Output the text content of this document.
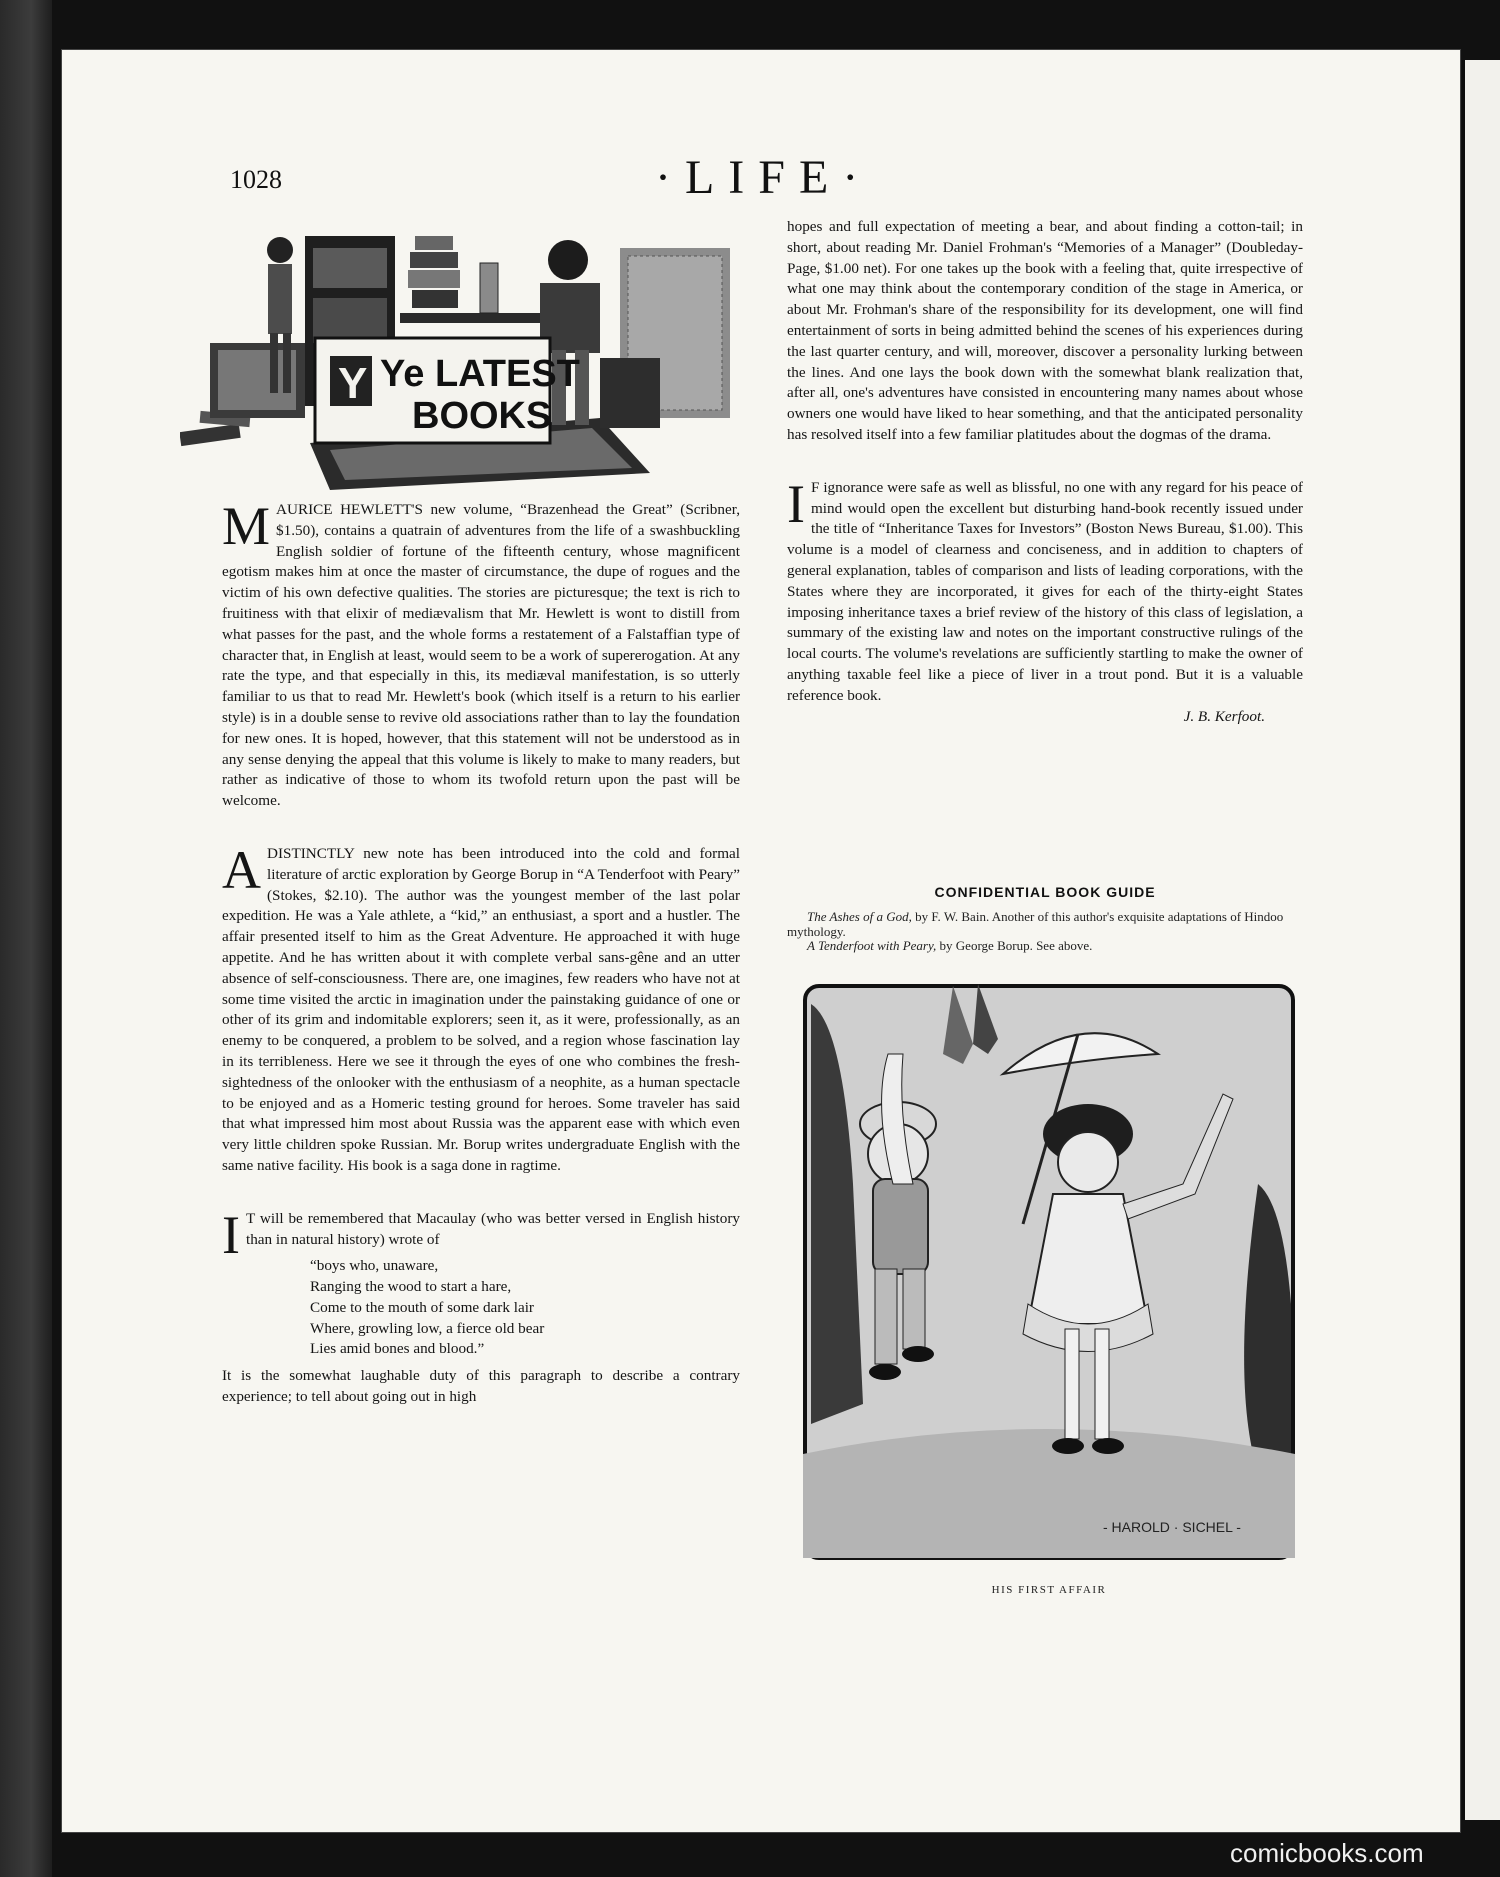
1028	·LIFE·
Y Ye LATEST
BOOKS

MAURICE HEWLETT'S new volume, “Brazenhead the Great” (Scribner, $1.50), contains a quatrain of adventures from the life of a swashbuckling English soldier of fortune of the fifteenth century, whose magnificent egotism makes him at once the master of circumstance, the dupe of rogues and the victim of his own defective qualities. The stories are picturesque; the text is rich to fruitiness with that elixir of mediævalism that Mr. Hewlett is wont to distill from what passes for the past, and the whole forms a restatement of a Falstaffian type of character that, in English at least, would seem to be a work of supererogation. At any rate the type, and that especially in this, its mediæval manifestation, is so utterly familiar to us that to read Mr. Hewlett's book (which itself is a return to his earlier style) is in a double sense to revive old associations rather than to lay the foundation for new ones. It is hoped, however, that this statement will not be understood as in any sense denying the appeal that this volume is likely to make to many readers, but rather as indicative of those to whom its twofold return upon the past will be welcome.

ADISTINCTLY new note has been introduced into the cold and formal literature of arctic exploration by George Borup in “A Tenderfoot with Peary” (Stokes, $2.10). The author was the youngest member of the last polar expedition. He was a Yale athlete, a “kid,” an enthusiast, a sport and a hustler. The affair presented itself to him as the Great Adventure. He approached it with huge appetite. And he has written about it with complete verbal sans-gêne and an utter absence of self-consciousness. There are, one imagines, few readers who have not at some time visited the arctic in imagination under the painstaking guidance of one or other of its grim and indomitable explorers; seen it, as it were, professionally, as an enemy to be conquered, a problem to be solved, and a region whose fascination lay in its terribleness. Here we see it through the eyes of one who combines the fresh-sightedness of the onlooker with the enthusiasm of a neophite, as a human spectacle to be enjoyed and as a Homeric testing ground for heroes. Some traveler has said that what impressed him most about Russia was the apparent ease with which even very little children spoke Russian. Mr. Borup writes undergraduate English with the same native facility. His book is a saga done in ragtime.

I T will be remembered that Macaulay (who was better versed in English history than in natural history) wrote of

“boys who, unaware,
Ranging the wood to start a hare,
Come to the mouth of some dark lair
Where, growling low, a fierce old bear
Lies amid bones and blood.”

It is the somewhat laughable duty of this paragraph to describe a contrary experience; to tell about going out in high

hopes and full expectation of meeting a bear, and about finding a cotton-tail; in short, about reading Mr. Daniel Frohman's “Memories of a Manager” (Doubleday-Page, $1.00 net). For one takes up the book with a feeling that, quite irrespective of what one may think about the contemporary condition of the stage in America, or about Mr. Frohman's share of the responsibility for its development, one will find entertainment of sorts in being admitted behind the scenes of his experiences during the last quarter century, and will, moreover, discover a personality lurking between the lines. And one lays the book down with the somewhat blank realization that, after all, one's adventures have consisted in encountering many names about whose owners one would have liked to hear something, and that the anticipated personality has resolved itself into a few familiar platitudes about the dogmas of the drama.

I F ignorance were safe as well as blissful, no one with any regard for his peace of mind would open the excellent but disturbing hand-book recently issued under the title of “Inheritance Taxes for Investors” (Boston News Bureau, $1.00). This volume is a model of clearness and conciseness, and in addition to chapters of general explanation, tables of comparison and lists of leading corporations, with the States where they are incorporated, it gives for each of the thirty-eight States imposing inheritance taxes a brief review of the history of this class of legislation, a summary of the existing law and notes on the important constructive rulings of the local courts. The volume's revelations are sufficiently startling to make the owner of anything taxable feel like a piece of liver in a trout pond. But it is a valuable reference book.

J. B. Kerfoot.

CONFIDENTIAL BOOK GUIDE
The Ashes of a God, by F. W. Bain. Another of this author's exquisite adaptations of Hindoo mythology.
A Tenderfoot with Peary, by George Borup. See above.
- HAROLD · SICHEL -
HIS FIRST AFFAIR
comicbooks.com
